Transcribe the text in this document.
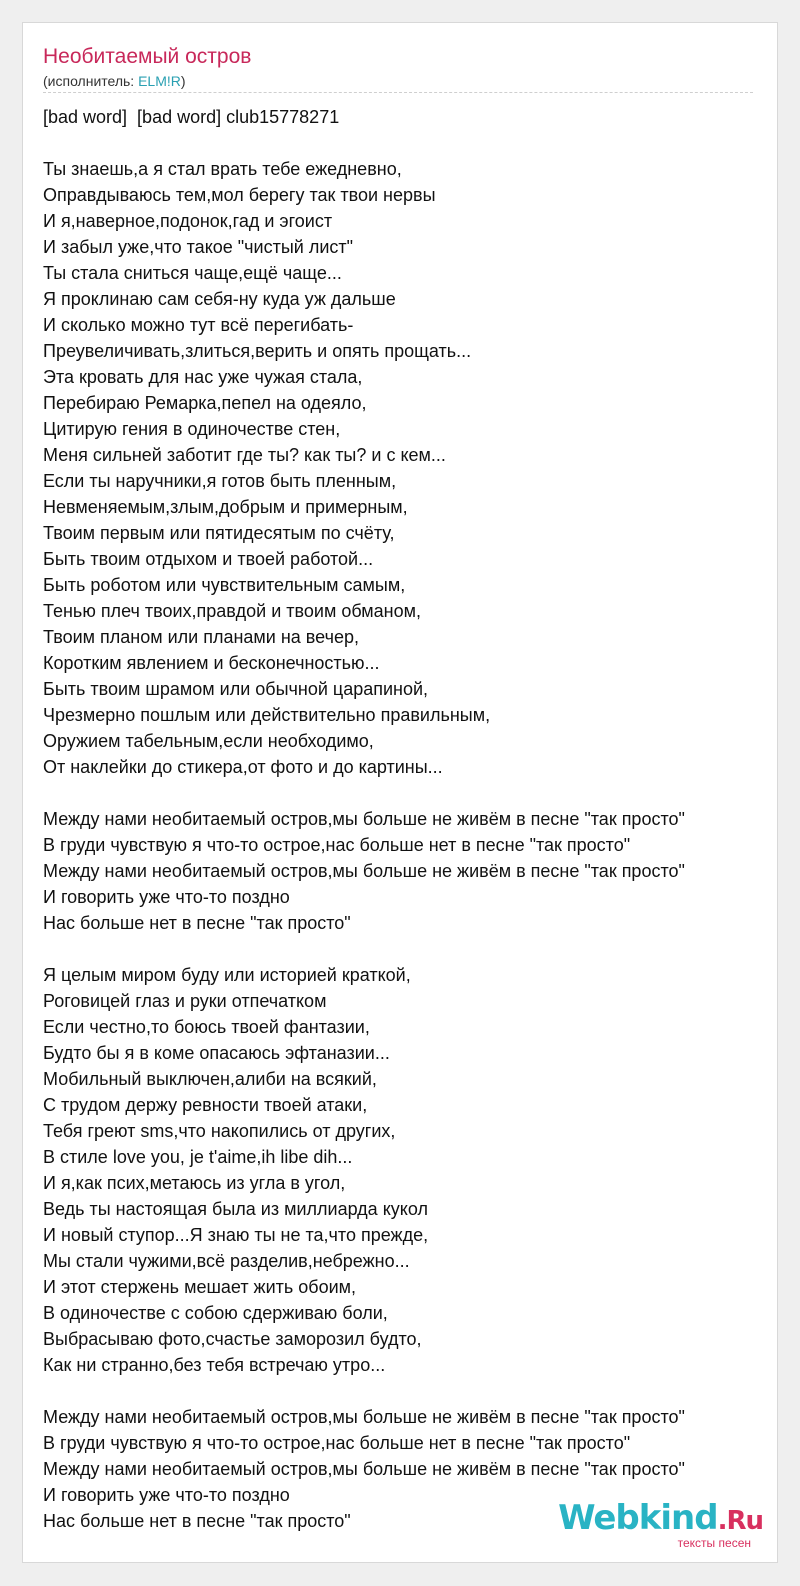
Необитаемый остров
(исполнитель: ELM!R)
[bad word]  [bad word] club15778271
Ты знаешь,а я стал врать тебе ежедневно,
Оправдываюсь тем,мол берегу так твои нервы
И я,наверное,подонок,гад и эгоист
И забыл уже,что такое "чистый лист"
Ты стала сниться чаще,ещё чаще...
Я проклинаю сам себя-ну куда уж дальше
И сколько можно тут всё перегибать-
Преувеличивать,злиться,верить и опять прощать...
Эта кровать для нас уже чужая стала,
Перебираю Ремарка,пепел на одеяло,
Цитирую гения в одиночестве стен,
Меня сильней заботит где ты? как ты? и с кем...
Если ты наручники,я готов быть пленным,
Невменяемым,злым,добрым и примерным,
Твоим первым или пятидесятым по счёту,
Быть твоим отдыхом и твоей работой...
Быть роботом или чувствительным самым,
Тенью плеч твоих,правдой и твоим обманом,
Твоим планом или планами на вечер,
Коротким явлением и бесконечностью...
Быть твоим шрамом или обычной царапиной,
Чрезмерно пошлым или действительно правильным,
Оружием табельным,если необходимо,
От наклейки до стикера,от фото и до картины...
Между нами необитаемый остров,мы больше не живём в песне "так просто"
В груди чувствую я что-то острое,нас больше нет в песне "так просто"
Между нами необитаемый остров,мы больше не живём в песне "так просто"
И говорить уже что-то поздно
Нас больше нет в песне "так просто"
Я целым миром буду или историей краткой,
Роговицей глаз и руки отпечатком
Если честно,то боюсь твоей фантазии,
Будто бы я в коме опасаюсь эфтаназии...
Мобильный выключен,алиби на всякий,
С трудом держу ревности твоей атаки,
Тебя греют sms,что накопились от других,
В стиле love you, je t'aime,ih libe dih...
И я,как псих,метаюсь из угла в угол,
Ведь ты настоящая была из миллиарда кукол
И новый ступор...Я знаю ты не та,что прежде,
Мы стали чужими,всё разделив,небрежно...
И этот стержень мешает жить обоим,
В одиночестве с собою сдерживаю боли,
Выбрасываю фото,счастье заморозил будто,
Как ни странно,без тебя встречаю утро...
Между нами необитаемый остров,мы больше не живём в песне "так просто"
В груди чувствую я что-то острое,нас больше нет в песне "так просто"
Между нами необитаемый остров,мы больше не живём в песне "так просто"
И говорить уже что-то поздно
Нас больше нет в песне "так просто"	Webkind.Ru
тексты песен
